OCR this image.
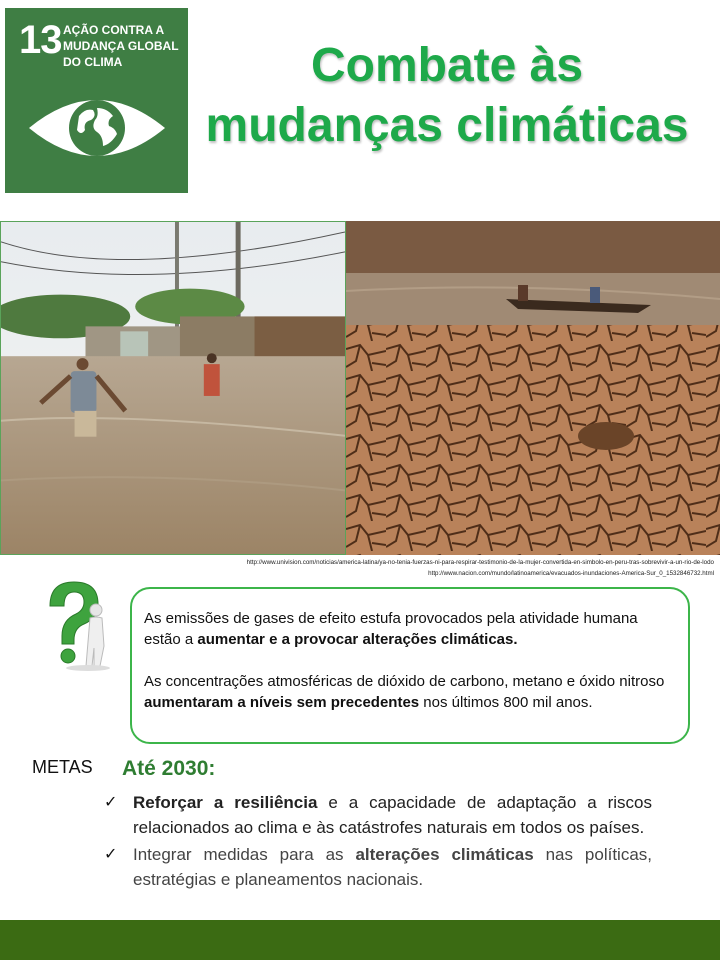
13 AÇÃO CONTRA A
MUDANÇA GLOBAL
DO CLIMA	Combate às
mudanças climáticas
http://www.univision.com/noticias/america-latina/ya-no-tenia-fuerzas-ni-para-respirar-testimonio-de-la-mujer-convertida-en-simbolo-en-peru-tras-sobrevivir-a-un-rio-de-lodo
http://www.nacion.com/mundo/latinoamerica/evacuados-inundaciones-America-Sur_0_1532846732.html

As emissões de gases de efeito estufa provocados pela atividade humana estão a aumentar e a provocar alterações climáticas.

As concentrações atmosféricas de dióxido de carbono, metano e óxido nitroso aumentaram a níveis sem precedentes nos últimos 800 mil anos.

METAS Até 2030:
✓ Reforçar a resiliência e a capacidade de adaptação a riscos relacionados ao clima e às catástrofes naturais em todos os países.
✓ Integrar medidas para as alterações climáticas nas políticas, estratégias e planeamentos nacionais.
